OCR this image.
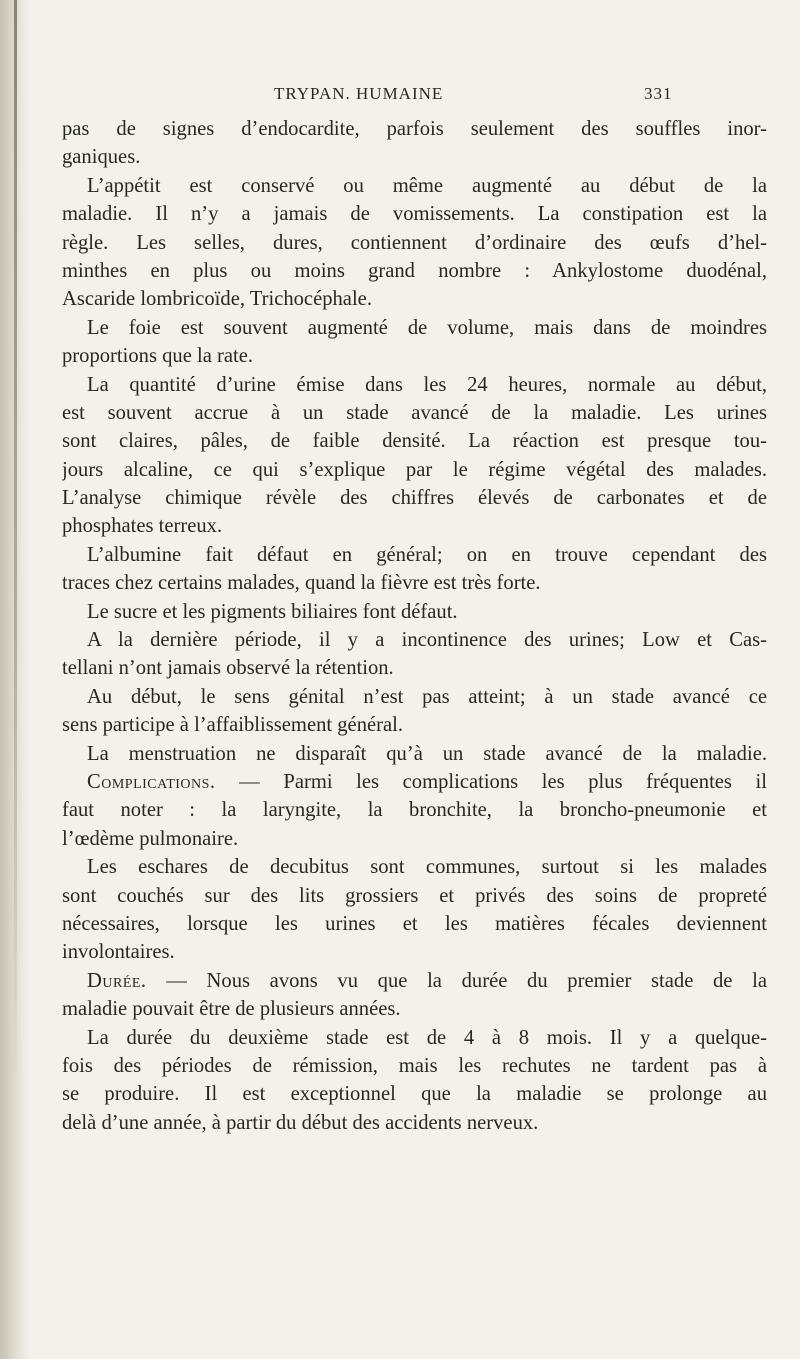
TRYPAN. HUMAINE	331
pas de signes d’endocardite, parfois seulement des souffles inor-
ganiques.
L’appétit est conservé ou même augmenté au début de la
maladie. Il n’y a jamais de vomissements. La constipation est la
règle. Les selles, dures, contiennent d’ordinaire des œufs d’hel-
minthes en plus ou moins grand nombre : Ankylostome duodénal,
Ascaride lombricoïde, Trichocéphale.
Le foie est souvent augmenté de volume, mais dans de moindres
proportions que la rate.
La quantité d’urine émise dans les 24 heures, normale au début,
est souvent accrue à un stade avancé de la maladie. Les urines
sont claires, pâles, de faible densité. La réaction est presque tou-
jours alcaline, ce qui s’explique par le régime végétal des malades.
L’analyse chimique révèle des chiffres élevés de carbonates et de
phosphates terreux.
L’albumine fait défaut en général; on en trouve cependant des
traces chez certains malades, quand la fièvre est très forte.
Le sucre et les pigments biliaires font défaut.
A la dernière période, il y a incontinence des urines; Low et Cas-
tellani n’ont jamais observé la rétention.
Au début, le sens génital n’est pas atteint; à un stade avancé ce
sens participe à l’affaiblissement général.
La menstruation ne disparaît qu’à un stade avancé de la maladie.
Complications. — Parmi les complications les plus fréquentes il
faut noter : la laryngite, la bronchite, la broncho-pneumonie et
l’œdème pulmonaire.
Les eschares de decubitus sont communes, surtout si les malades
sont couchés sur des lits grossiers et privés des soins de propreté
nécessaires, lorsque les urines et les matières fécales deviennent
involontaires.
Durée. — Nous avons vu que la durée du premier stade de la
maladie pouvait être de plusieurs années.
La durée du deuxième stade est de 4 à 8 mois. Il y a quelque-
fois des périodes de rémission, mais les rechutes ne tardent pas à
se produire. Il est exceptionnel que la maladie se prolonge au
delà d’une année, à partir du début des accidents nerveux.
